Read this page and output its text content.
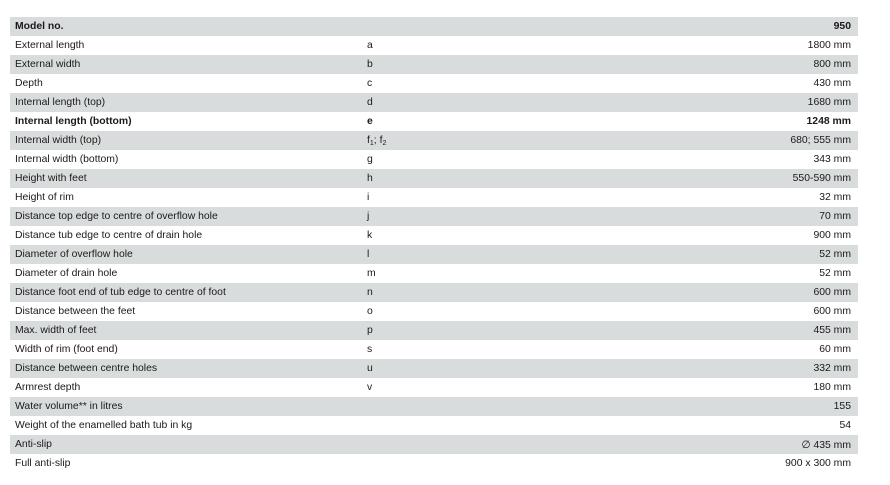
Model no.	950
External length	a	1800 mm
External width	b	800 mm
Depth	c	430 mm
Internal length (top)	d	1680 mm
Internal length (bottom)	e	1248 mm
Internal width (top)	$f_1$; $f_2$	680; 555 mm
Internal width (bottom)	g	343 mm
Height with feet	h	550-590 mm
Height of rim	i	32 mm
Distance top edge to centre of overflow hole	j	70 mm
Distance tub edge to centre of drain hole	k	900 mm
Diameter of overflow hole	l	52 mm
Diameter of drain hole	m	52 mm
Distance foot end of tub edge to centre of foot	n	600 mm
Distance between the feet	o	600 mm
Max. width of feet	p	455 mm
Width of rim (foot end)	s	60 mm
Distance between centre holes	u	332 mm
Armrest depth	v	180 mm
Water volume** in litres	155
Weight of the enamelled bath tub in kg	54
Anti-slip	∅ 435 mm
Full anti-slip	900 x 300 mm
